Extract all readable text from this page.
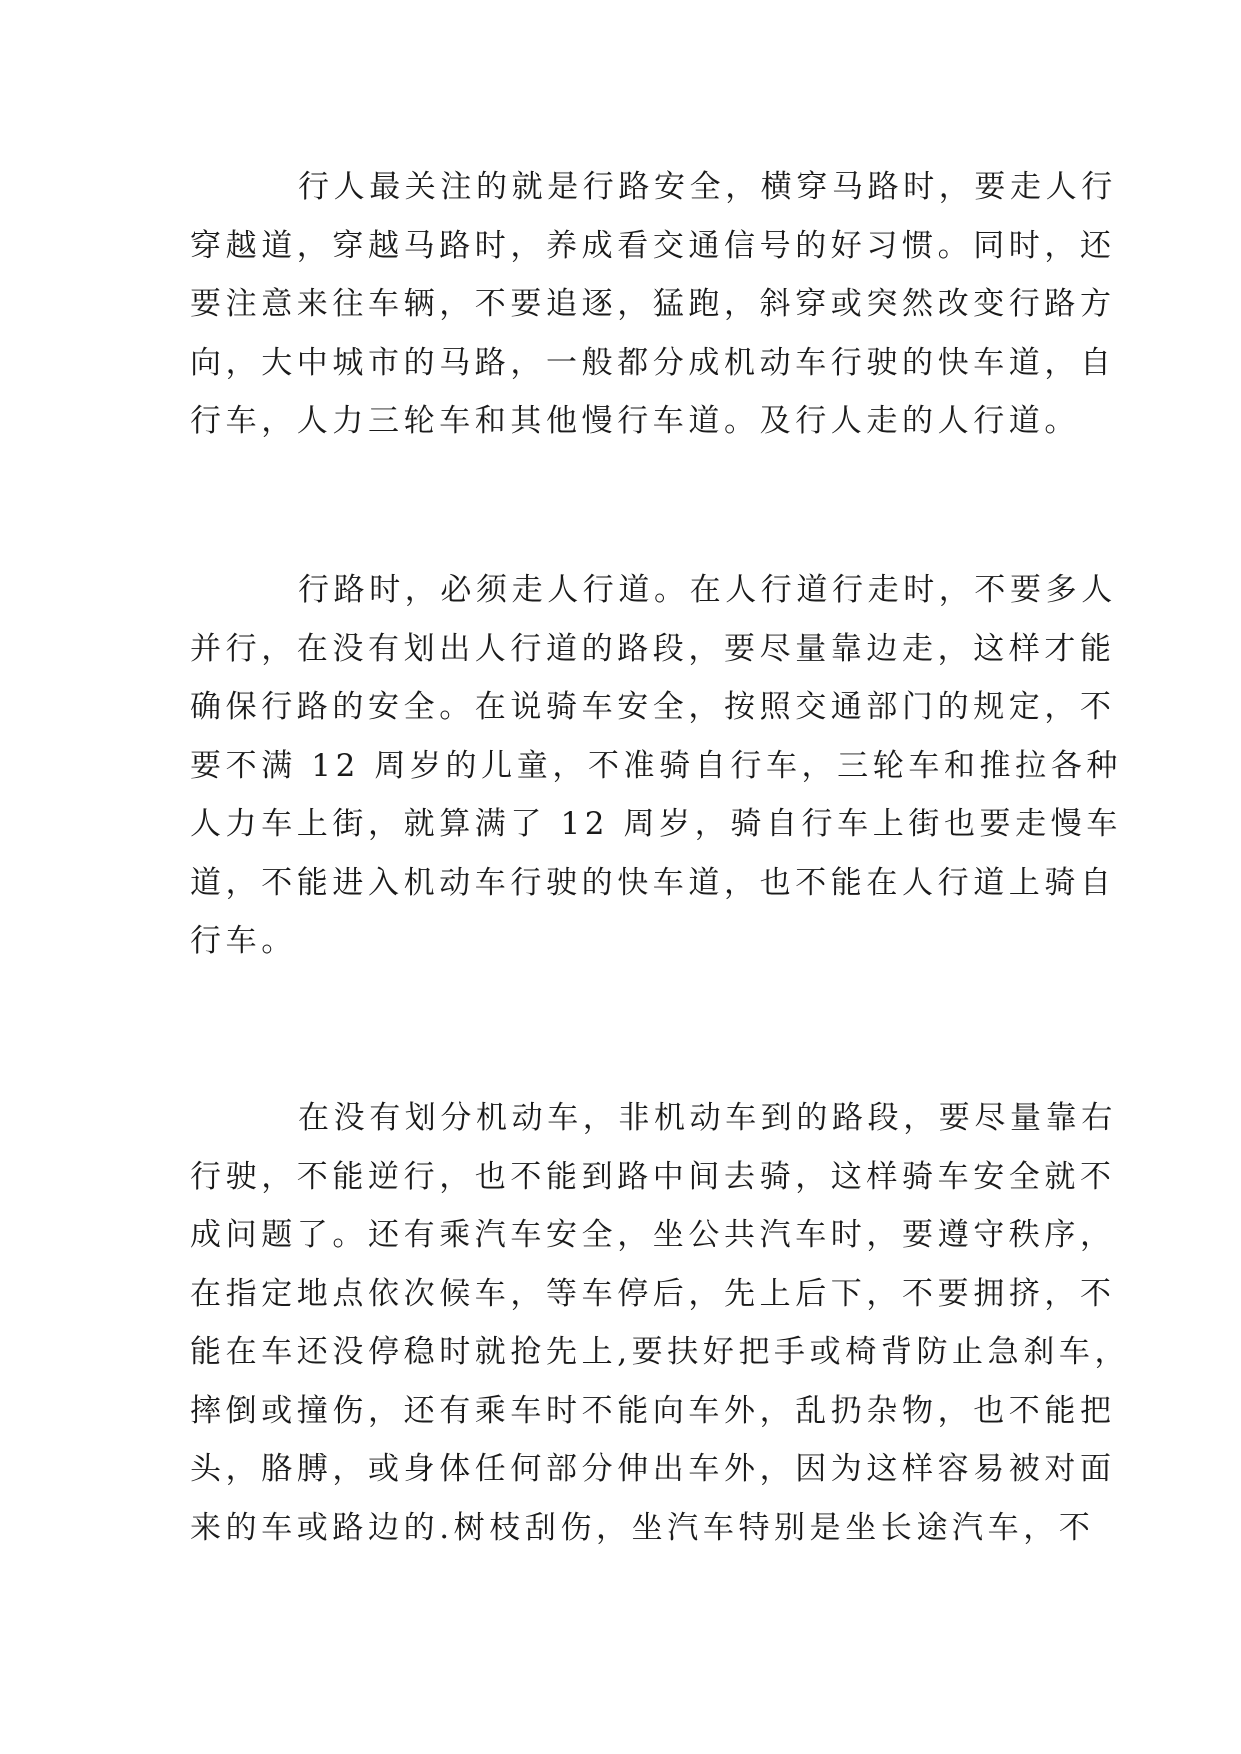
行人最关注的就是行路安全，横穿马路时，要走人行
穿越道，穿越马路时，养成看交通信号的好习惯。同时，还
要注意来往车辆，不要追逐，猛跑，斜穿或突然改变行路方
向，大中城市的马路，一般都分成机动车行驶的快车道，自
行车，人力三轮车和其他慢行车道。及行人走的人行道。
行路时，必须走人行道。在人行道行走时，不要多人
并行，在没有划出人行道的路段，要尽量靠边走，这样才能
确保行路的安全。在说骑车安全，按照交通部门的规定，不
要不满 12 周岁的儿童，不准骑自行车，三轮车和推拉各种
人力车上街，就算满了 12 周岁，骑自行车上街也要走慢车
道，不能进入机动车行驶的快车道，也不能在人行道上骑自
行车。
在没有划分机动车，非机动车到的路段，要尽量靠右
行驶，不能逆行，也不能到路中间去骑，这样骑车安全就不
成问题了。还有乘汽车安全，坐公共汽车时，要遵守秩序，
在指定地点依次候车，等车停后，先上后下，不要拥挤，不
能在车还没停稳时就抢先上,要扶好把手或椅背防止急刹车，
摔倒或撞伤，还有乘车时不能向车外，乱扔杂物，也不能把
头，胳膊，或身体任何部分伸出车外，因为这样容易被对面
来的车或路边的.树枝刮伤，坐汽车特别是坐长途汽车，不
